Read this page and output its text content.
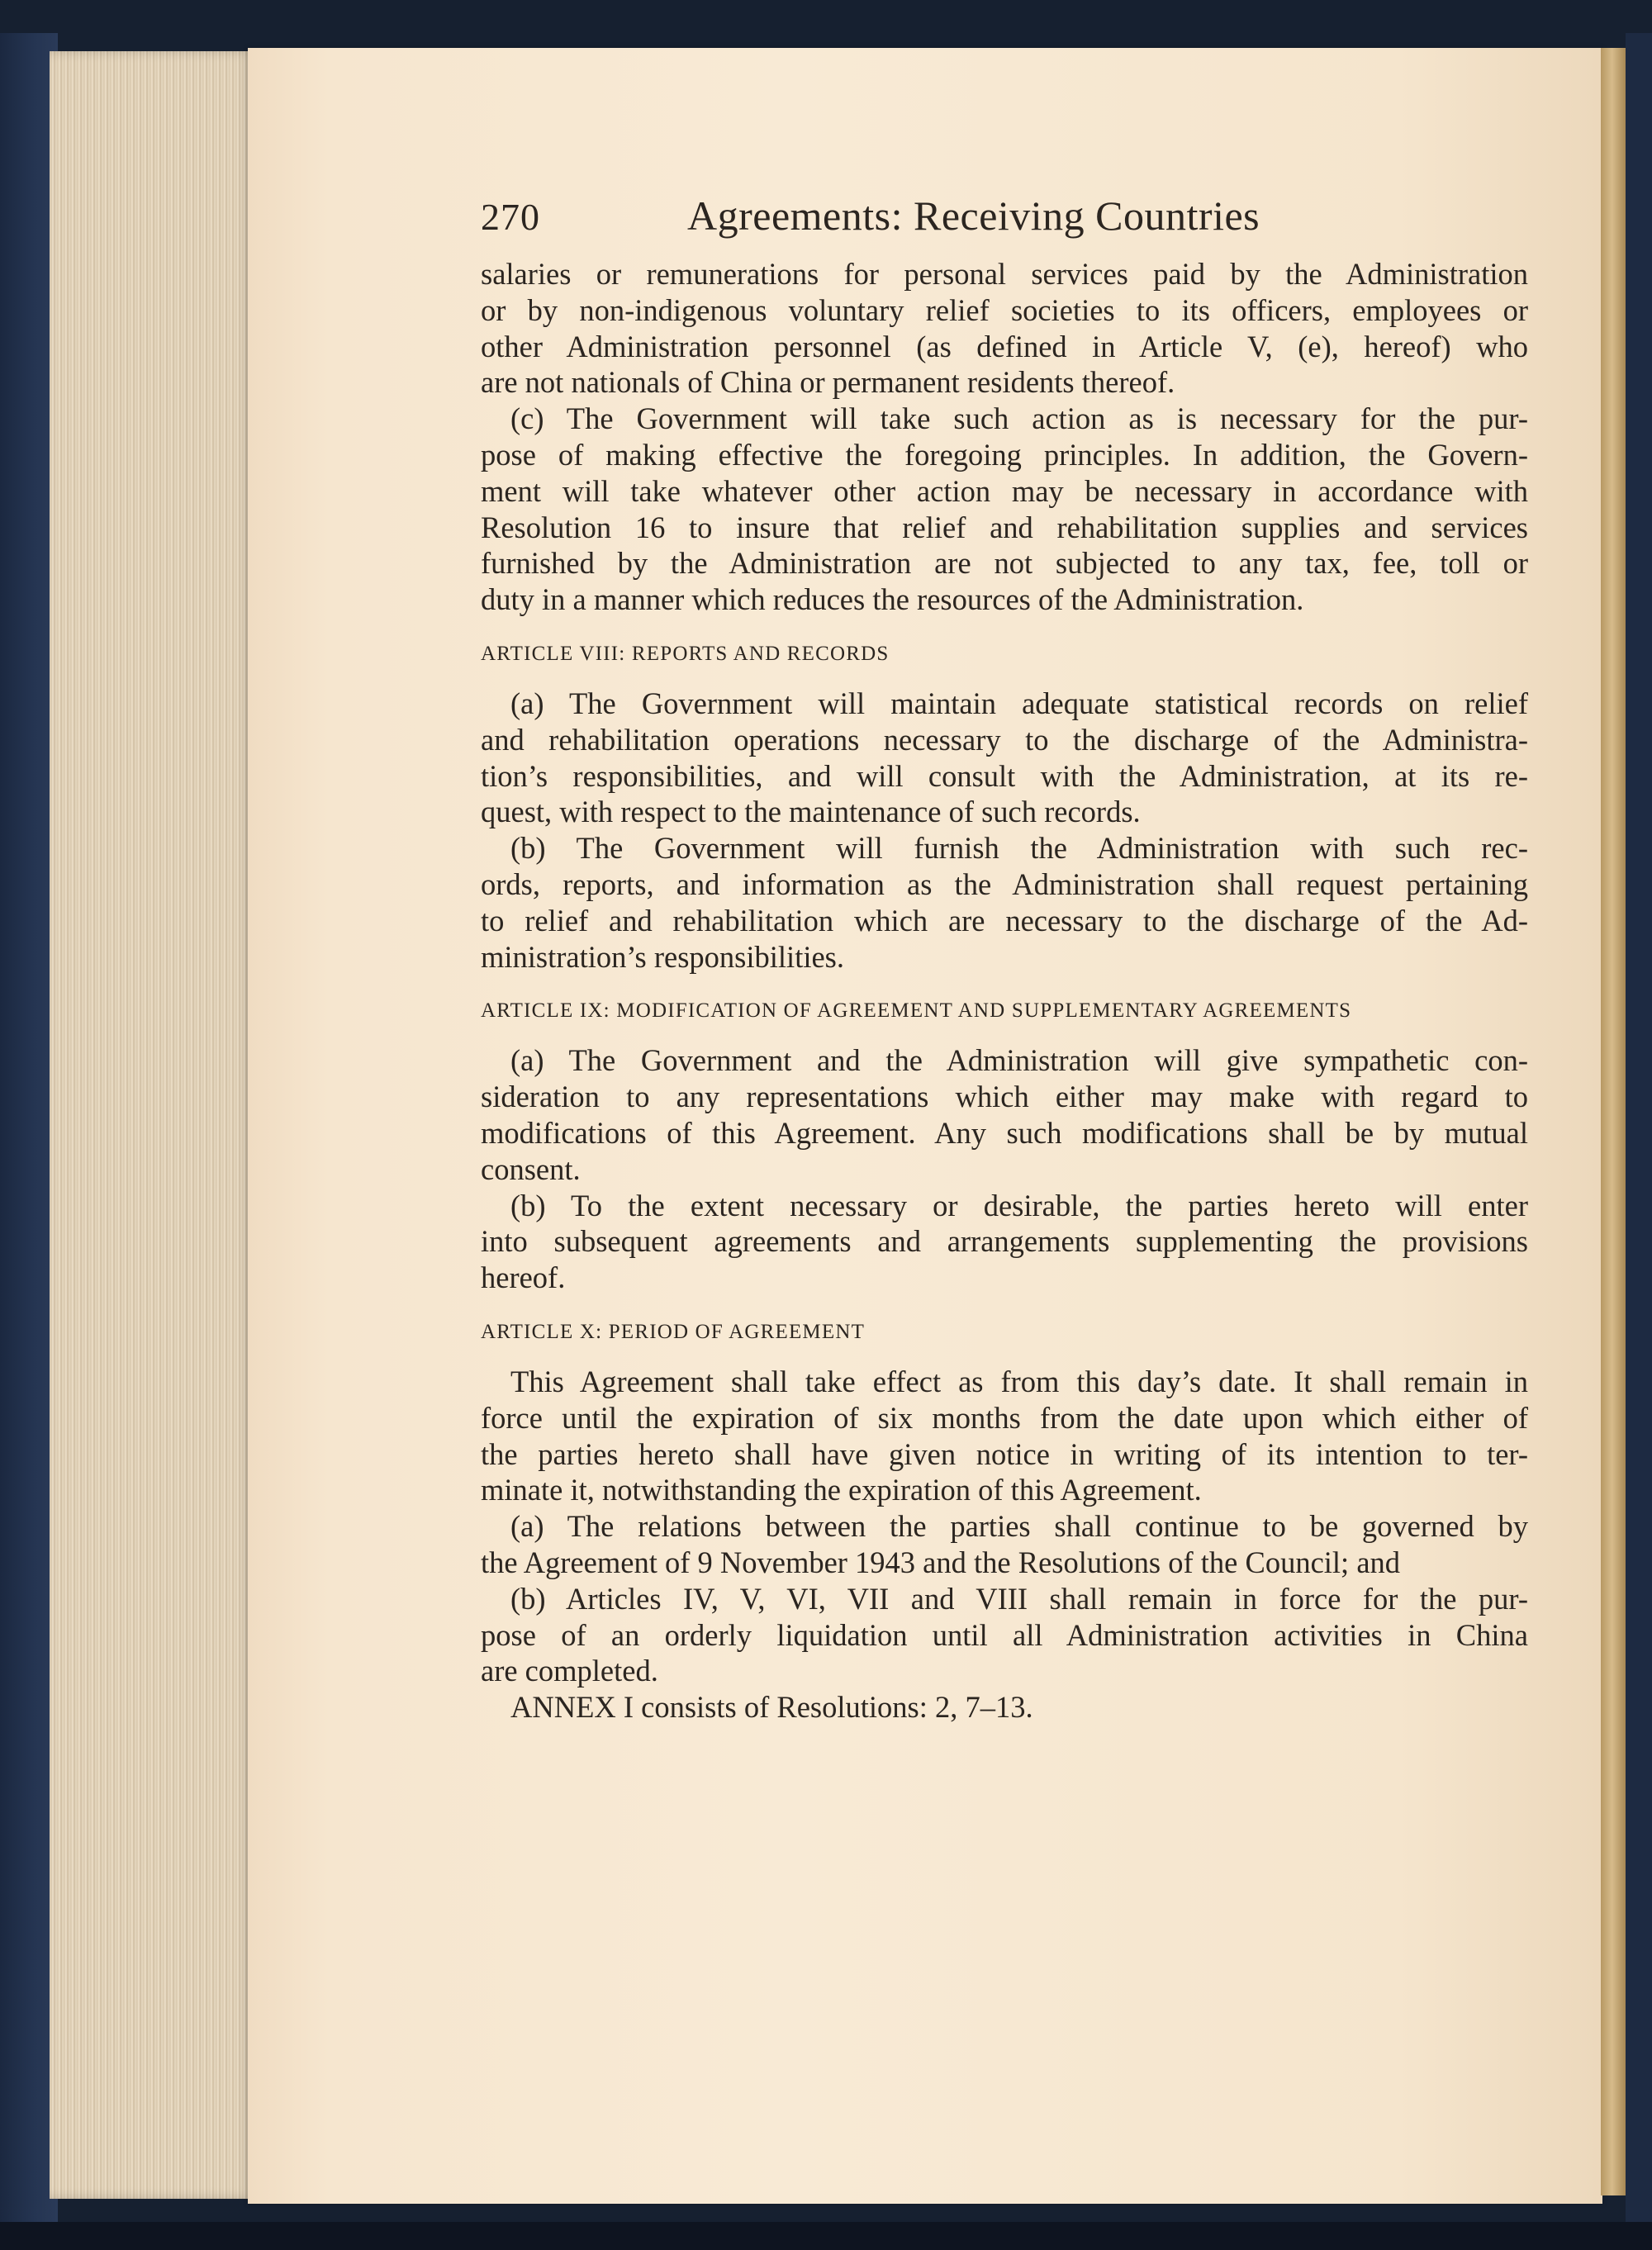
270	Agreements: Receiving Countries
salaries or remunerations for personal services paid by the Administration
or by non-indigenous voluntary relief societies to its officers, employees or
other Administration personnel (as defined in Article V, (e), hereof) who
are not nationals of China or permanent residents thereof.
(c) The Government will take such action as is necessary for the pur-
pose of making effective the foregoing principles. In addition, the Govern-
ment will take whatever other action may be necessary in accordance with
Resolution 16 to insure that relief and rehabilitation supplies and services
furnished by the Administration are not subjected to any tax, fee, toll or
duty in a manner which reduces the resources of the Administration.
ARTICLE VIII: REPORTS AND RECORDS
(a) The Government will maintain adequate statistical records on relief
and rehabilitation operations necessary to the discharge of the Administra-
tion’s responsibilities, and will consult with the Administration, at its re-
quest, with respect to the maintenance of such records.
(b) The Government will furnish the Administration with such rec-
ords, reports, and information as the Administration shall request pertaining
to relief and rehabilitation which are necessary to the discharge of the Ad-
ministration’s responsibilities.
ARTICLE IX: MODIFICATION OF AGREEMENT AND SUPPLEMENTARY AGREEMENTS
(a) The Government and the Administration will give sympathetic con-
sideration to any representations which either may make with regard to
modifications of this Agreement. Any such modifications shall be by mutual
consent.
(b) To the extent necessary or desirable, the parties hereto will enter
into subsequent agreements and arrangements supplementing the provisions
hereof.
ARTICLE X: PERIOD OF AGREEMENT
This Agreement shall take effect as from this day’s date. It shall remain in
force until the expiration of six months from the date upon which either of
the parties hereto shall have given notice in writing of its intention to ter-
minate it, notwithstanding the expiration of this Agreement.
(a) The relations between the parties shall continue to be governed by
the Agreement of 9 November 1943 and the Resolutions of the Council; and
(b) Articles IV, V, VI, VII and VIII shall remain in force for the pur-
pose of an orderly liquidation until all Administration activities in China
are completed.
ANNEX I consists of Resolutions: 2, 7–13.
